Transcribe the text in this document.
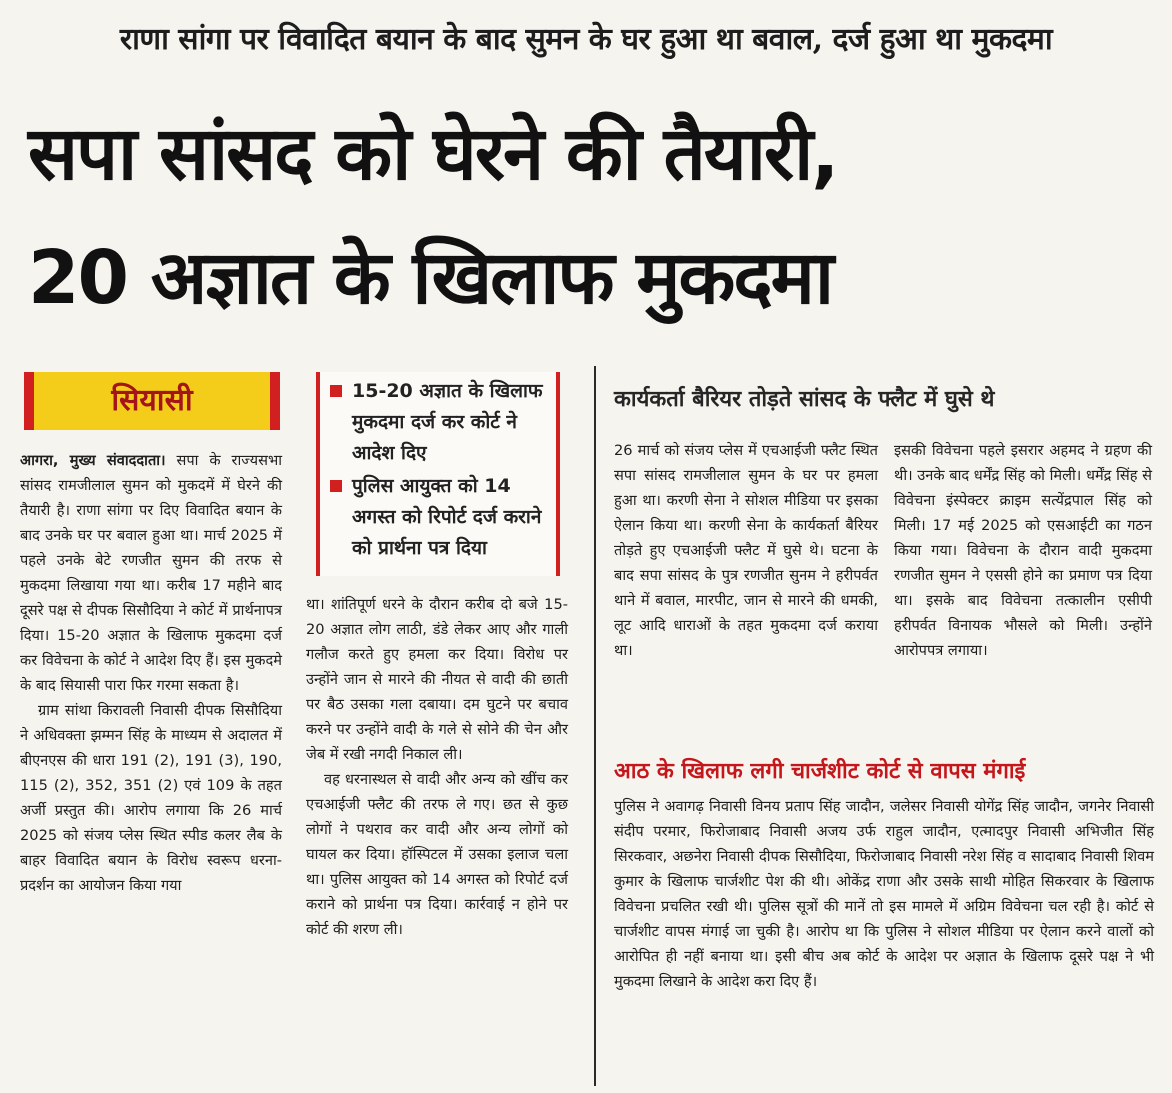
राणा सांगा पर विवादित बयान के बाद सुमन के घर हुआ था बवाल, दर्ज हुआ था मुकदमा
सपा सांसद को घेरने की तैयारी,
20 अज्ञात के खिलाफ मुकदमा
सियासी

आगरा, मुख्य संवाददाता। सपा के राज्यसभा सांसद रामजीलाल सुमन को मुकदमें में घेरने की तैयारी है। राणा सांगा पर दिए विवादित बयान के बाद उनके घर पर बवाल हुआ था। मार्च 2025 में पहले उनके बेटे रणजीत सुमन की तरफ से मुकदमा लिखाया गया था। करीब 17 महीने बाद दूसरे पक्ष से दीपक सिसौदिया ने कोर्ट में प्रार्थनापत्र दिया। 15-20 अज्ञात के खिलाफ मुकदमा दर्ज कर विवेचना के कोर्ट ने आदेश दिए हैं। इस मुकदमे के बाद सियासी पारा फिर गरमा सकता है।

ग्राम सांथा किरावली निवासी दीपक सिसौदिया ने अधिवक्ता झम्मन सिंह के माध्यम से अदालत में बीएनएस की धारा 191 (2), 191 (3), 190, 115 (2), 352, 351 (2) एवं 109 के तहत अर्जी प्रस्तुत की। आरोप लगाया कि 26 मार्च 2025 को संजय प्लेस स्थित स्पीड कलर लैब के बाहर विवादित बयान के विरोध स्वरूप धरना-प्रदर्शन का आयोजन किया गया

15-20 अज्ञात के खिलाफ मुकदमा दर्ज कर कोर्ट ने आदेश दिए
पुलिस आयुक्त को 14 अगस्त को रिपोर्ट दर्ज कराने को प्रार्थना पत्र दिया

था। शांतिपूर्ण धरने के दौरान करीब दो बजे 15-20 अज्ञात लोग लाठी, डंडे लेकर आए और गाली गलौज करते हुए हमला कर दिया। विरोध पर उन्होंने जान से मारने की नीयत से वादी की छाती पर बैठ उसका गला दबाया। दम घुटने पर बचाव करने पर उन्होंने वादी के गले से सोने की चेन और जेब में रखी नगदी निकाल ली।

वह धरनास्थल से वादी और अन्य को खींच कर एचआईजी फ्लैट की तरफ ले गए। छत से कुछ लोगों ने पथराव कर वादी और अन्य लोगों को घायल कर दिया। हॉस्पिटल में उसका इलाज चला था। पुलिस आयुक्त को 14 अगस्त को रिपोर्ट दर्ज कराने को प्रार्थना पत्र दिया। कार्रवाई न होने पर कोर्ट की शरण ली।

कार्यकर्ता बैरियर तोड़ते सांसद के फ्लैट में घुसे थे

26 मार्च को संजय प्लेस में एचआईजी फ्लैट स्थित सपा सांसद रामजीलाल सुमन के घर पर हमला हुआ था। करणी सेना ने सोशल मीडिया पर इसका ऐलान किया था। करणी सेना के कार्यकर्ता बैरियर तोड़ते हुए एचआईजी फ्लैट में घुसे थे। घटना के बाद सपा सांसद के पुत्र रणजीत सुनम ने हरीपर्वत थाने में बवाल, मारपीट, जान से मारने की धमकी, लूट आदि धाराओं के तहत मुकदमा दर्ज कराया था।

इसकी विवेचना पहले इसरार अहमद ने ग्रहण की थी। उनके बाद धर्मेंद्र सिंह को मिली। धर्मेंद्र सिंह से विवेचना इंस्पेक्टर क्राइम सत्येंद्रपाल सिंह को मिली। 17 मई 2025 को एसआईटी का गठन किया गया। विवेचना के दौरान वादी मुकदमा रणजीत सुमन ने एससी होने का प्रमाण पत्र दिया था। इसके बाद विवेचना तत्कालीन एसीपी हरीपर्वत विनायक भौसले को मिली। उन्होंने आरोपपत्र लगाया।

आठ के खिलाफ लगी चार्जशीट कोर्ट से वापस मंगाई

पुलिस ने अवागढ़ निवासी विनय प्रताप सिंह जादौन, जलेसर निवासी योगेंद्र सिंह जादौन, जगनेर निवासी संदीप परमार, फिरोजाबाद निवासी अजय उर्फ राहुल जादौन, एत्मादपुर निवासी अभिजीत सिंह सिरकवार, अछनेरा निवासी दीपक सिसौदिया, फिरोजाबाद निवासी नरेश सिंह व सादाबाद निवासी शिवम कुमार के खिलाफ चार्जशीट पेश की थी। ओकेंद्र राणा और उसके साथी मोहित सिकरवार के खिलाफ विवेचना प्रचलित रखी थी। पुलिस सूत्रों की मानें तो इस मामले में अग्रिम विवेचना चल रही है। कोर्ट से चार्जशीट वापस मंगाई जा चुकी है। आरोप था कि पुलिस ने सोशल मीडिया पर ऐलान करने वालों को आरोपित ही नहीं बनाया था। इसी बीच अब कोर्ट के आदेश पर अज्ञात के खिलाफ दूसरे पक्ष ने भी मुकदमा लिखाने के आदेश करा दिए हैं।
